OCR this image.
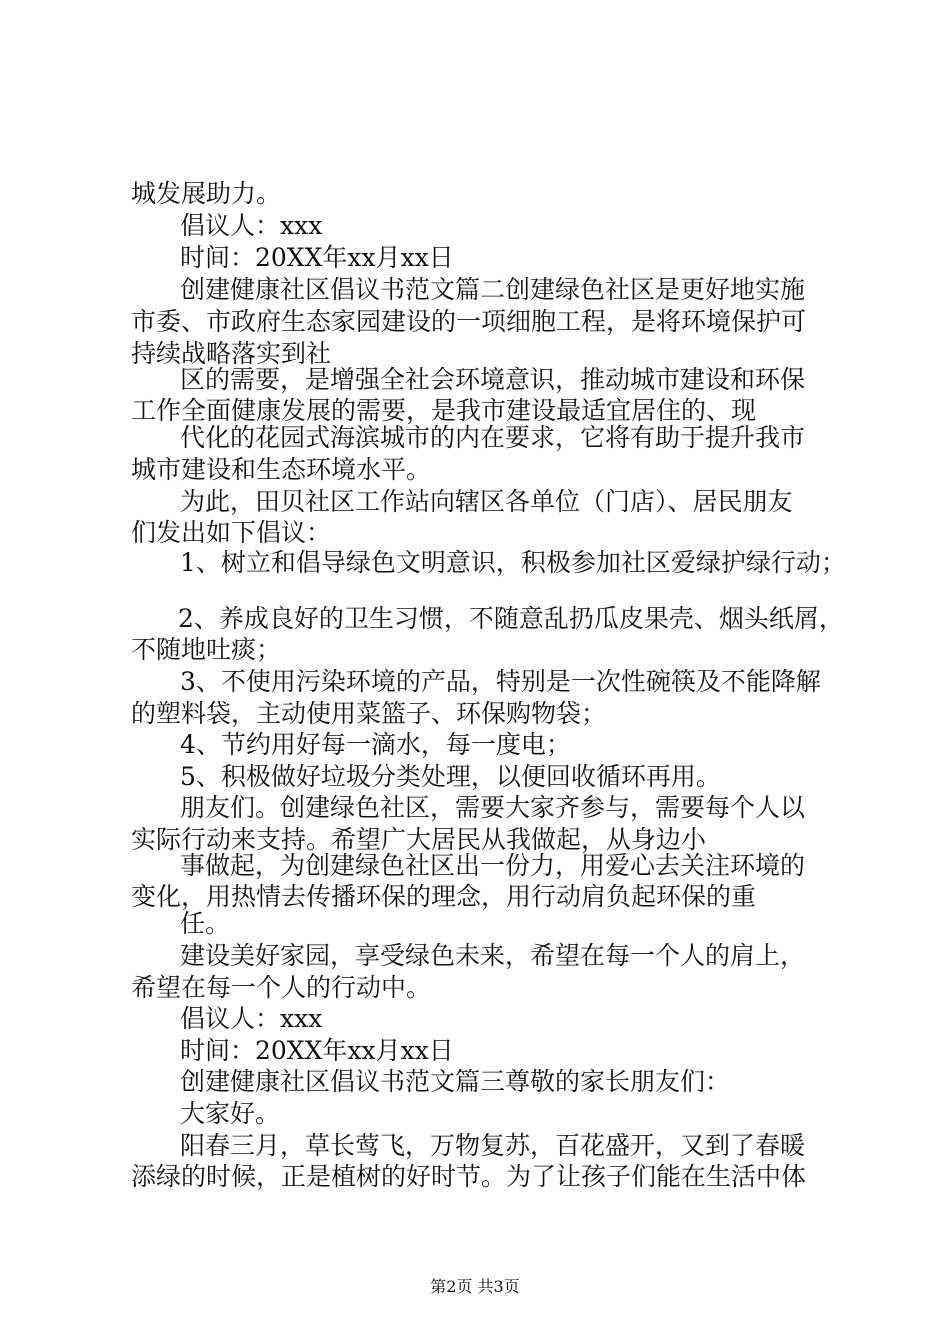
城发展助力。
倡议人：xxx
时间：20XX年xx月xx日
创建健康社区倡议书范文篇二创建绿色社区是更好地实施
市委、市政府生态家园建设的一项细胞工程，是将环境保护可
持续战略落实到社
区的需要，是增强全社会环境意识，推动城市建设和环保
工作全面健康发展的需要，是我市建设最适宜居住的、现
代化的花园式海滨城市的内在要求，它将有助于提升我市
城市建设和生态环境水平。
为此，田贝社区工作站向辖区各单位（门店）、居民朋友
们发出如下倡议：
1、树立和倡导绿色文明意识，积极参加社区爱绿护绿行动；
2、养成良好的卫生习惯，不随意乱扔瓜皮果壳、烟头纸屑，
不随地吐痰；
3、不使用污染环境的产品，特别是一次性碗筷及不能降解
的塑料袋，主动使用菜篮子、环保购物袋；
4、节约用好每一滴水，每一度电；
5、积极做好垃圾分类处理，以便回收循环再用。
朋友们。创建绿色社区，需要大家齐参与，需要每个人以
实际行动来支持。希望广大居民从我做起，从身边小
事做起，为创建绿色社区出一份力，用爱心去关注环境的
变化，用热情去传播环保的理念，用行动肩负起环保的重
任。
建设美好家园，享受绿色未来，希望在每一个人的肩上，
希望在每一个人的行动中。
倡议人：xxx
时间：20XX年xx月xx日
创建健康社区倡议书范文篇三尊敬的家长朋友们：
大家好。
阳春三月，草长莺飞，万物复苏，百花盛开，又到了春暖
添绿的时候，正是植树的好时节。为了让孩子们能在生活中体
第2页 共3页
